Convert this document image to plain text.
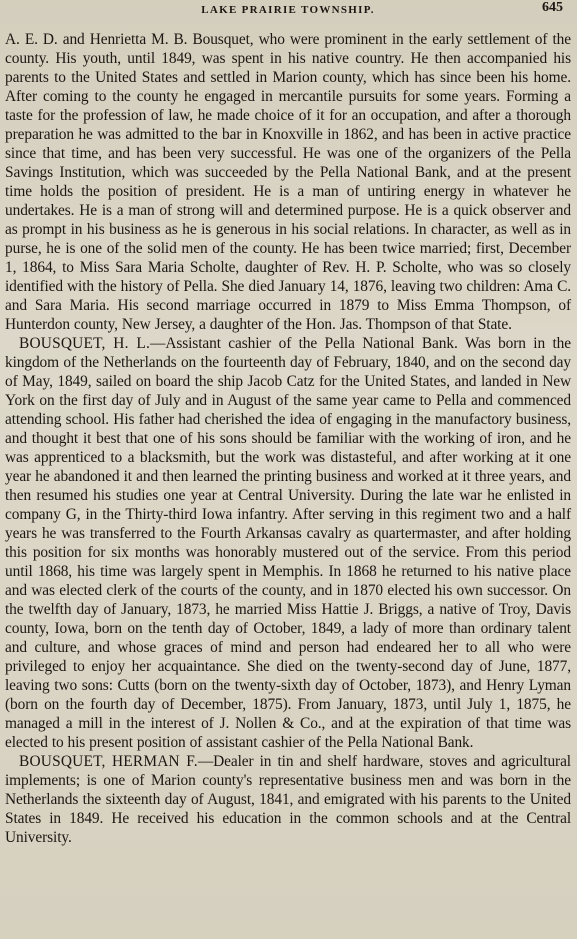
LAKE PRAIRIE TOWNSHIP.	645

A. E. D. and Henrietta M. B. Bousquet, who were prominent in the early settlement of the county. His youth, until 1849, was spent in his native country. He then accompanied his parents to the United States and settled in Marion county, which has since been his home. After coming to the county he engaged in mercantile pursuits for some years. Forming a taste for the profession of law, he made choice of it for an occupation, and after a thorough preparation he was admitted to the bar in Knoxville in 1862, and has been in active practice since that time, and has been very successful. He was one of the organizers of the Pella Savings Institution, which was succeeded by the Pella National Bank, and at the present time holds the position of president. He is a man of untiring energy in whatever he undertakes. He is a man of strong will and determined purpose. He is a quick observer and as prompt in his business as he is generous in his social relations. In character, as well as in purse, he is one of the solid men of the county. He has been twice married; first, December 1, 1864, to Miss Sara Maria Scholte, daughter of Rev. H. P. Scholte, who was so closely identified with the history of Pella. She died January 14, 1876, leaving two children: Ama C. and Sara Maria. His second marriage occurred in 1879 to Miss Emma Thompson, of Hunterdon county, New Jersey, a daughter of the Hon. Jas. Thompson of that State.

BOUSQUET, H. L.—Assistant cashier of the Pella National Bank. Was born in the kingdom of the Netherlands on the fourteenth day of February, 1840, and on the second day of May, 1849, sailed on board the ship Jacob Catz for the United States, and landed in New York on the first day of July and in August of the same year came to Pella and commenced attending school. His father had cherished the idea of engaging in the manufactory business, and thought it best that one of his sons should be familiar with the working of iron, and he was apprenticed to a blacksmith, but the work was distasteful, and after working at it one year he abandoned it and then learned the printing business and worked at it three years, and then resumed his studies one year at Central University. During the late war he enlisted in company G, in the Thirty-third Iowa infantry. After serving in this regiment two and a half years he was transferred to the Fourth Arkansas cavalry as quartermaster, and after holding this position for six months was honorably mustered out of the service. From this period until 1868, his time was largely spent in Memphis. In 1868 he returned to his native place and was elected clerk of the courts of the county, and in 1870 elected his own successor. On the twelfth day of January, 1873, he married Miss Hattie J. Briggs, a native of Troy, Davis county, Iowa, born on the tenth day of October, 1849, a lady of more than ordinary talent and culture, and whose graces of mind and person had endeared her to all who were privileged to enjoy her acquaintance. She died on the twenty-second day of June, 1877, leaving two sons: Cutts (born on the twenty-sixth day of October, 1873), and Henry Lyman (born on the fourth day of December, 1875). From January, 1873, until July 1, 1875, he managed a mill in the interest of J. Nollen & Co., and at the expiration of that time was elected to his present position of assistant cashier of the Pella National Bank.

BOUSQUET, HERMAN F.—Dealer in tin and shelf hardware, stoves and agricultural implements; is one of Marion county's representative business men and was born in the Netherlands the sixteenth day of August, 1841, and emigrated with his parents to the United States in 1849. He received his education in the common schools and at the Central University.
